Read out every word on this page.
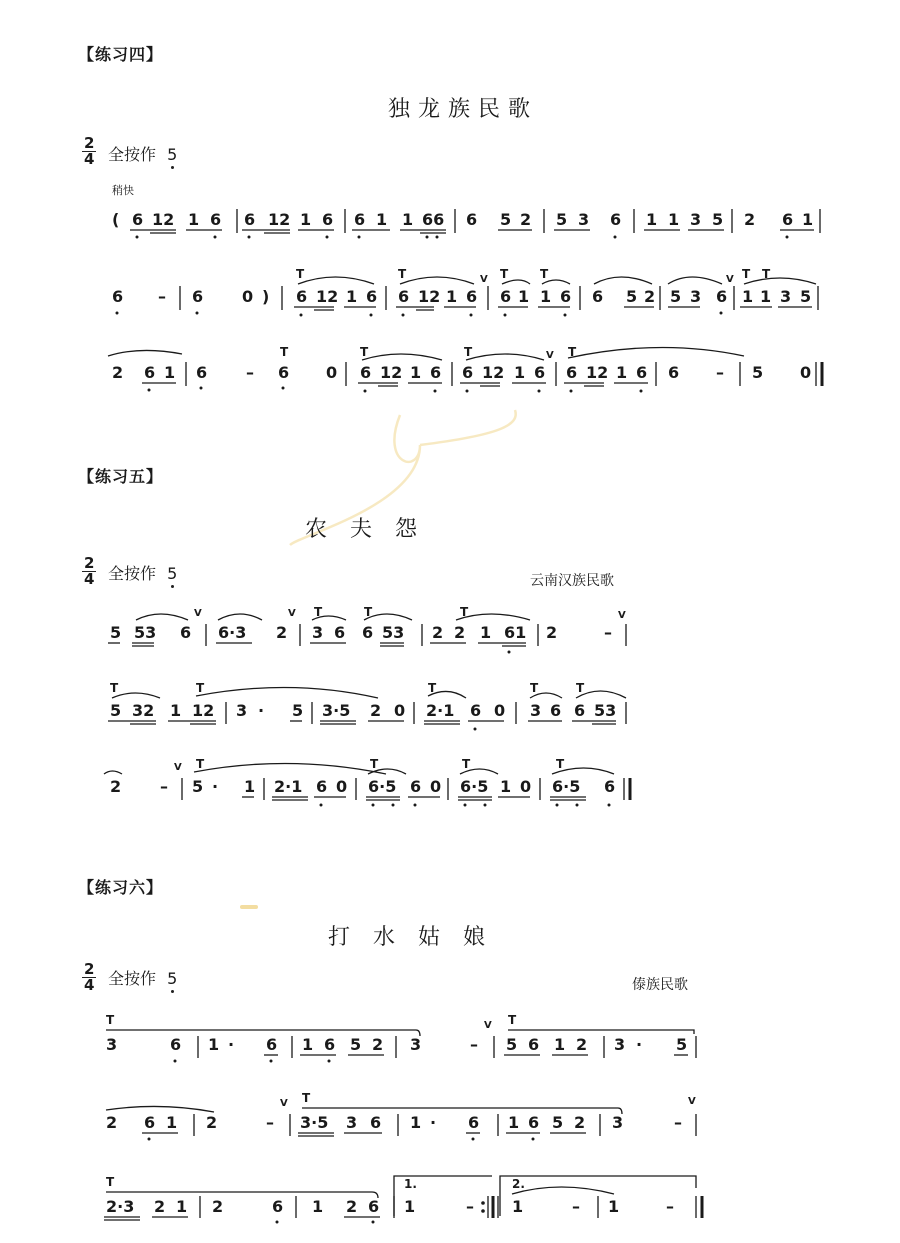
【练习四】
独龙族民歌
2
4 全按作 5
稍快
( 6 12 1 6 6 12 1 6 6 1 1 66 6 5 2 5 3 6 1 1 3 5 2 6 1
6 – 6 0 ) 6 12 1 6 6 12 1 6 6 1 1 6 6 5 2 5 3 6 1 1 3 5
T	T	T	T	T T
V	V
2 6 1 6 – 6 0 6 12 1 6 6 12 1 6 6 12 1 6 6 – 5 0
T	T	T	T
V
【练习五】
农 夫 怨
2
4 全按作 5	云南汉族民歌
5 53 6 6·3 2 3 6 6 53 2 2 1 61 2	–
T	T	T
V	V	V
5 32 1 12 3 · 5 3·5 2 0 2·1 6 0 3 6 6 53
T	T	T	T	T
2 – 5 · 1 2·1 6 0 6·5 6 0 6·5 1 0 6·5 6
T	T	T	T
V
【练习六】
打 水 姑 娘
2
4 全按作 5	傣族民歌
3	6 1 · 6 1 6 5 2 3	– 5 6 1 2 3 · 5
T	T
V
2 6 1 2	– 3·5 3 6 1 · 6 1 6 5 2 3	–
T
V	V
2·3 2 1 2	6 1 2 6 1	– 1	– 1	–
T	1.	2.
